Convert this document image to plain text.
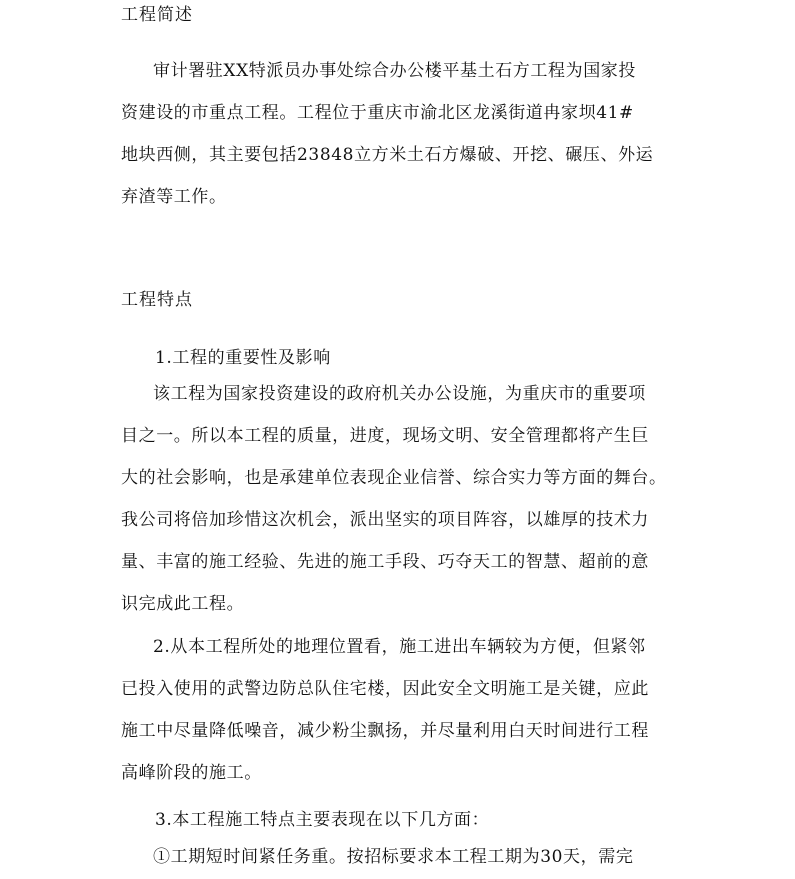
工程简述
审计署驻XX特派员办事处综合办公楼平基土石方工程为国家投
资建设的市重点工程。工程位于重庆市渝北区龙溪街道冉家坝41#
地块西侧，其主要包括23848立方米土石方爆破、开挖、碾压、外运
弃渣等工作。
工程特点
1.工程的重要性及影响
该工程为国家投资建设的政府机关办公设施，为重庆市的重要项
目之一。所以本工程的质量，进度，现场文明、安全管理都将产生巨
大的社会影响，也是承建单位表现企业信誉、综合实力等方面的舞台。
我公司将倍加珍惜这次机会，派出坚实的项目阵容，以雄厚的技术力
量、丰富的施工经验、先进的施工手段、巧夺天工的智慧、超前的意
识完成此工程。
2.从本工程所处的地理位置看，施工进出车辆较为方便，但紧邻
已投入使用的武警边防总队住宅楼，因此安全文明施工是关键，应此
施工中尽量降低噪音，减少粉尘飘扬，并尽量利用白天时间进行工程
高峰阶段的施工。
3.本工程施工特点主要表现在以下几方面：
①工期短时间紧任务重。按招标要求本工程工期为30天，需完
